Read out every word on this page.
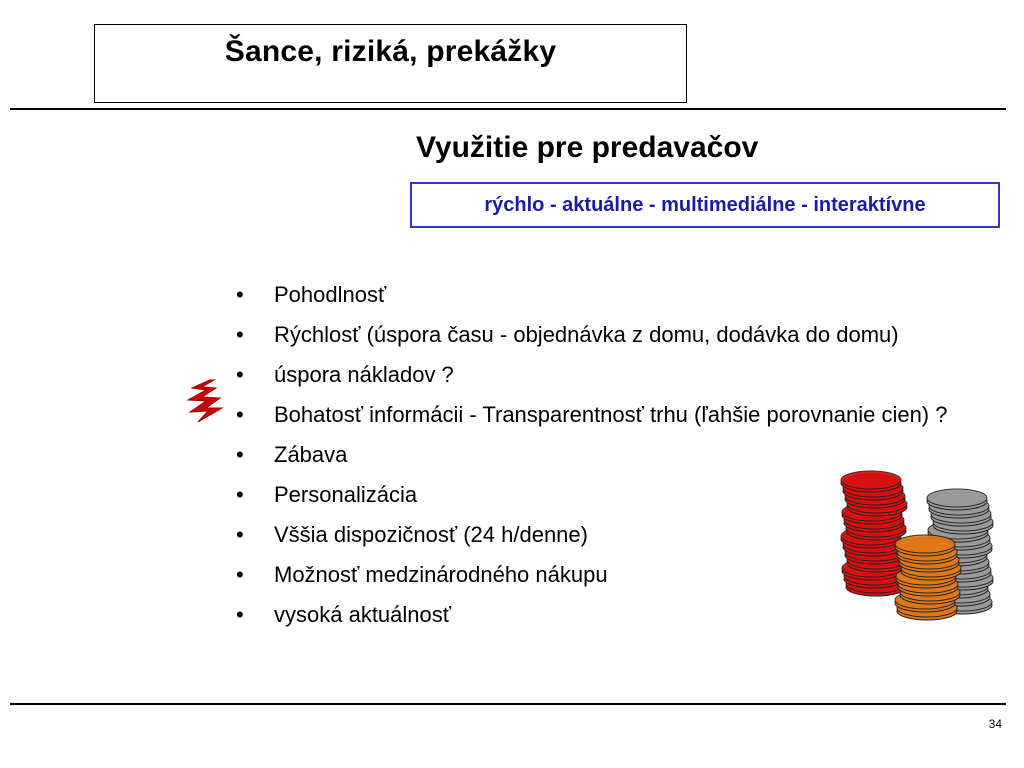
Šance, riziká, prekážky
Využitie pre predavačov
rýchlo - aktuálne - multimediálne - interaktívne
• Pohodlnosť
• Rýchlosť (úspora času - objednávka z domu, dodávka do domu)
• úspora nákladov ?
• Bohatosť informácii - Transparentnosť trhu (ľahšie porovnanie cien) ?
• Zábava
• Personalizácia
• Vššia dispozičnosť (24 h/denne)
• Možnosť medzinárodného nákupu
• vysoká aktuálnosť
34
